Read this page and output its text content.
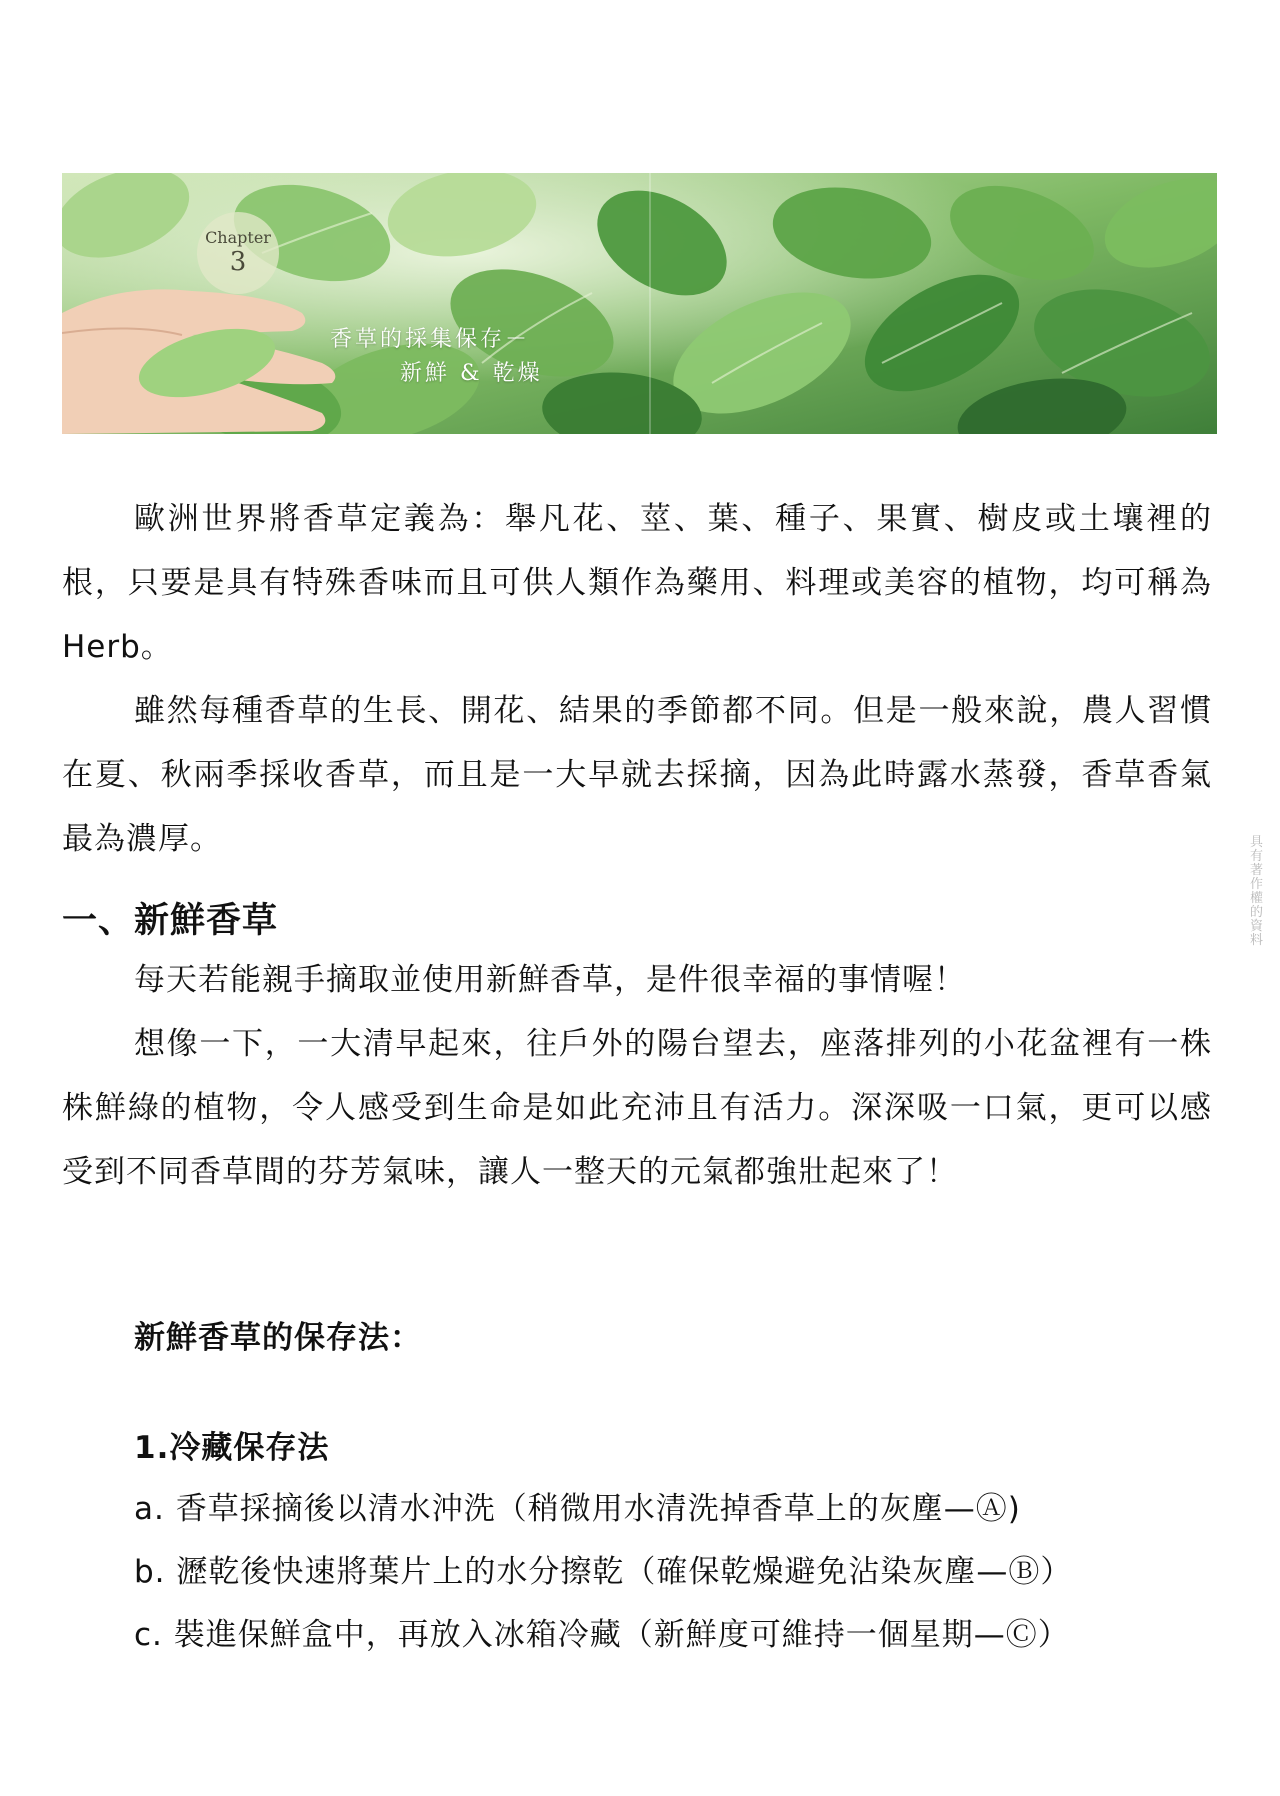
Chapter
3
香草的採集保存－
新鮮 & 乾燥

歐洲世界將香草定義為：舉凡花、莖、葉、種子、果實、樹皮或土壤裡的根，只要是具有特殊香味而且可供人類作為藥用、料理或美容的植物，均可稱為Herb。

雖然每種香草的生長、開花、結果的季節都不同。但是一般來說，農人習慣在夏、秋兩季採收香草，而且是一大早就去採摘，因為此時露水蒸發，香草香氣最為濃厚。

一、新鮮香草

每天若能親手摘取並使用新鮮香草，是件很幸福的事情喔！

想像一下，一大清早起來，往戶外的陽台望去，座落排列的小花盆裡有一株株鮮綠的植物，令人感受到生命是如此充沛且有活力。深深吸一口氣，更可以感受到不同香草間的芬芳氣味，讓人一整天的元氣都強壯起來了！

新鮮香草的保存法：
1.冷藏保存法

a. 香草採摘後以清水沖洗（稍微用水清洗掉香草上的灰塵—Ⓐ)

b. 瀝乾後快速將葉片上的水分擦乾（確保乾燥避免沾染灰塵—Ⓑ）

c. 裝進保鮮盒中，再放入冰箱冷藏（新鮮度可維持一個星期—Ⓒ）

具有著作權的資料
